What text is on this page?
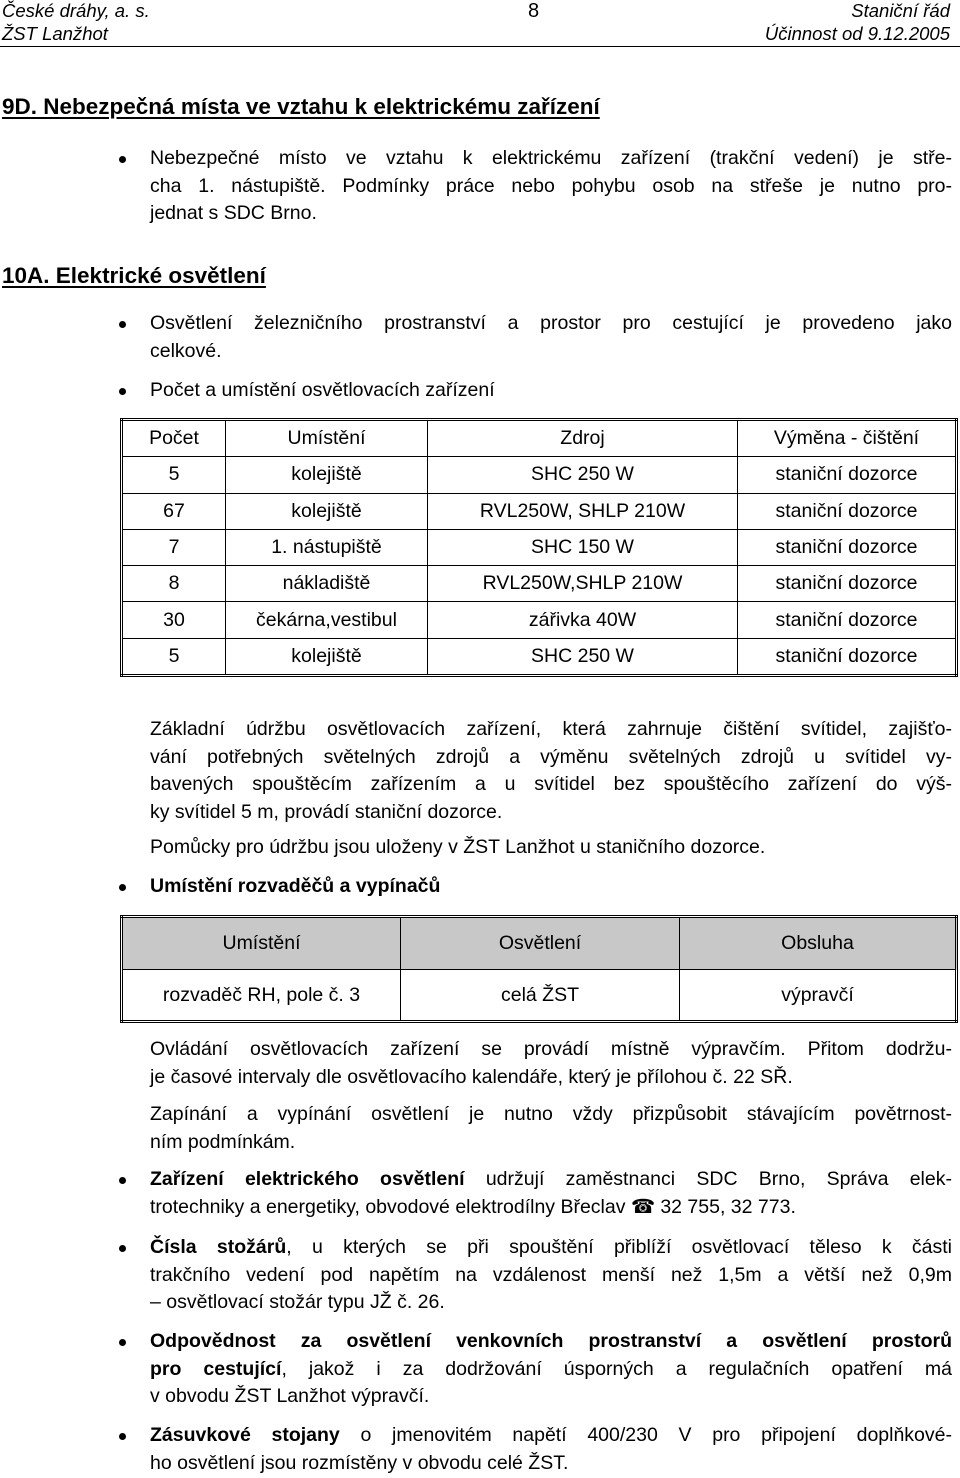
České dráhy, a. s.	8	Staniční řád
ŽST Lanžhot	Účinnost od 9.12.2005
9D. Nebezpečná místa ve vztahu k elektrickému zařízení
Nebezpečné místo ve vztahu k elektrickému zařízení (trakční vedení) je stře-
cha 1. nástupiště. Podmínky práce nebo pohybu osob na střeše je nutno pro-
jednat s SDC Brno.
10A. Elektrické osvětlení
Osvětlení železničního prostranství a prostor pro cestující je provedeno jako
celkové.
Počet a umístění osvětlovacích zařízení
Počet	Umístění	Zdroj	Výměna - čištění
5	kolejiště	SHC 250 W	staniční dozorce
67	kolejiště	RVL250W, SHLP 210W	staniční dozorce
7	1. nástupiště	SHC 150 W	staniční dozorce
8	nákladiště	RVL250W,SHLP 210W	staniční dozorce
30	čekárna,vestibul	zářivka 40W	staniční dozorce
5	kolejiště	SHC 250 W	staniční dozorce
Základní údržbu osvětlovacích zařízení, která zahrnuje čištění svítidel, zajišťo-
vání potřebných světelných zdrojů a výměnu světelných zdrojů u svítidel vy-
bavených spouštěcím zařízením a u svítidel bez spouštěcího zařízení do výš-
ky svítidel 5 m, provádí staniční dozorce.
Pomůcky pro údržbu jsou uloženy v ŽST Lanžhot u staničního dozorce.
Umístění rozvaděčů a vypínačů
Umístění	Osvětlení	Obsluha
rozvaděč RH, pole č. 3	celá ŽST	výpravčí
Ovládání osvětlovacích zařízení se provádí místně výpravčím. Přitom dodržu-
je časové intervaly dle osvětlovacího kalendáře, který je přílohou č. 22 SŘ.
Zapínání a vypínání osvětlení je nutno vždy přizpůsobit stávajícím povětrnost-
ním podmínkám.
Zařízení elektrického osvětlení udržují zaměstnanci SDC Brno, Správa elek-
trotechniky a energetiky, obvodové elektrodílny Břeclav ☎ 32 755, 32 773.
Čísla stožárů, u kterých se při spouštění přiblíží osvětlovací těleso k části
trakčního vedení pod napětím na vzdálenost menší než 1,5m a větší než 0,9m
– osvětlovací stožár typu JŽ č. 26.
Odpovědnost za osvětlení venkovních prostranství a osvětlení prostorů
pro cestující, jakož i za dodržování úsporných a regulačních opatření má
v obvodu ŽST Lanžhot výpravčí.
Zásuvkové stojany o jmenovitém napětí 400/230 V pro připojení doplňkové-
ho osvětlení jsou rozmístěny v obvodu celé ŽST.
